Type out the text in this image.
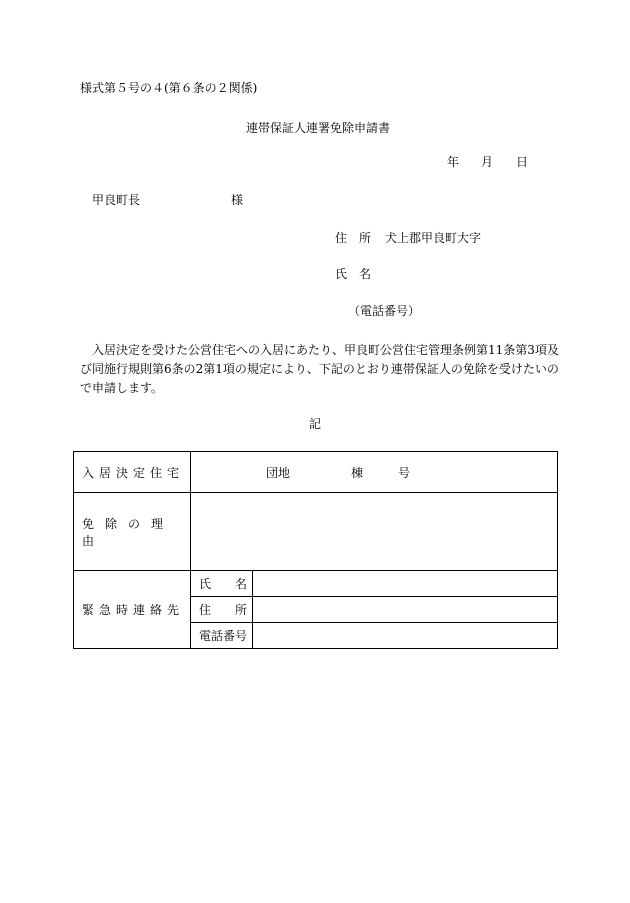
様式第５号の４(第６条の２関係)
連帯保証人連署免除申請書
年 月 日
甲良町長	様
住　所 犬上郡甲良町大字
氏　名
（電話番号）
入居決定を受けた公営住宅への入居にあたり、甲良町公営住宅管理条例第11条第3項及び同施行規則第6条の2第1項の規定により、下記のとおり連帯保証人の免除を受けたいので申請します。
記
入居決定住宅	団地 棟 号	

免除の理由		
緊急時連絡先	氏　　名	
	住　　所	
	電話番号	
